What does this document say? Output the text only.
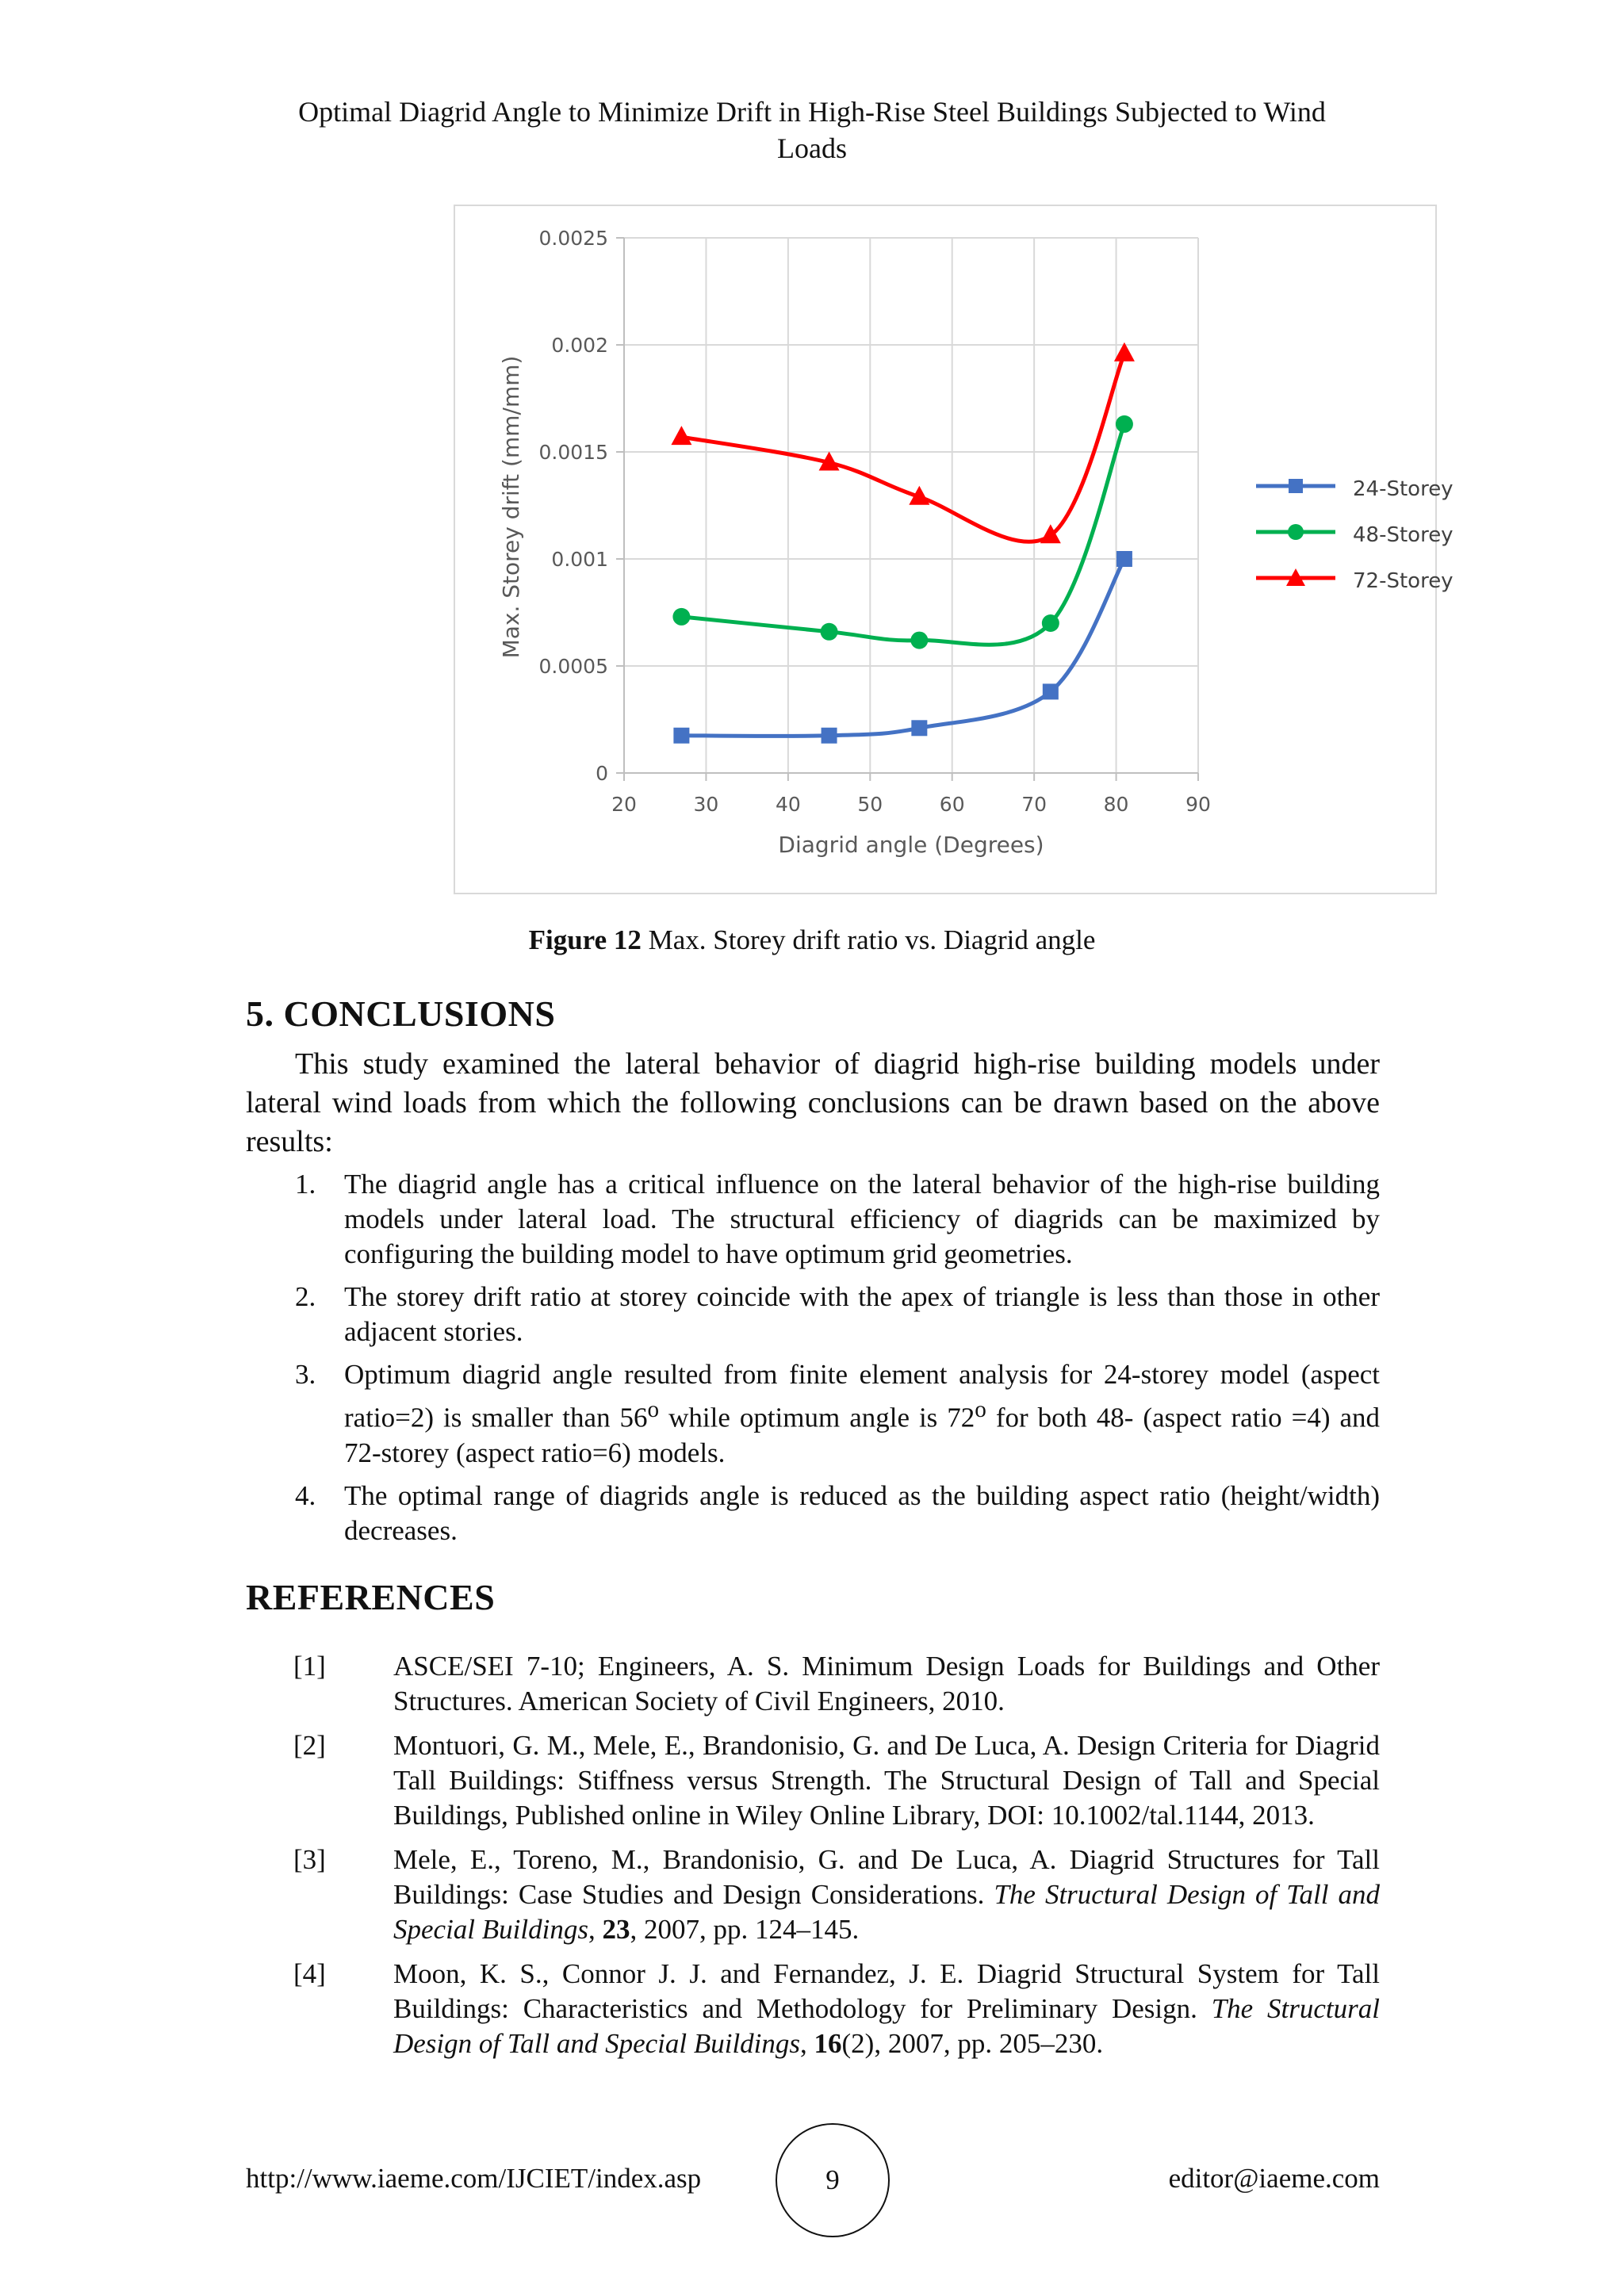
Optimal Diagrid Angle to Minimize Drift in High-Rise Steel Buildings Subjected to Wind
Loads
0
0.0005
0.001
0.0015
0.002
0.0025
20	30	40	50	60	70	80	90
Diagrid angle (Degrees)
Max. Storey drift (mm/mm)	24-Storey
48-Storey
72-Storey
Figure 12 Max. Storey drift ratio vs. Diagrid angle
5. CONCLUSIONS

This study examined the lateral behavior of diagrid high-rise building models under lateral wind loads from which the following conclusions can be drawn based on the above results:

1. The diagrid angle has a critical influence on the lateral behavior of the high-rise building models under lateral load. The structural efficiency of diagrids can be maximized by configuring the building model to have optimum grid geometries.
2. The storey drift ratio at storey coincide with the apex of triangle is less than those in other adjacent stories.
3. Optimum diagrid angle resulted from finite element analysis for 24-storey model (aspect ratio=2) is smaller than 56$^o$ while optimum angle is 72$^o$ for both 48- (aspect ratio =4) and 72-storey (aspect ratio=6) models.
4. The optimal range of diagrids angle is reduced as the building aspect ratio (height/width) decreases.
REFERENCES
[1] ASCE/SEI 7-10; Engineers, A. S. Minimum Design Loads for Buildings and Other Structures. American Society of Civil Engineers, 2010.
[2] Montuori, G. M., Mele, E., Brandonisio, G. and De Luca, A. Design Criteria for Diagrid Tall Buildings: Stiffness versus Strength. The Structural Design of Tall and Special Buildings, Published online in Wiley Online Library, DOI: 10.1002/tal.1144, 2013.
[3] Mele, E., Toreno, M., Brandonisio, G. and De Luca, A. Diagrid Structures for Tall Buildings: Case Studies and Design Considerations. The Structural Design of Tall and Special Buildings, 23, 2007, pp. 124–145.
[4] Moon, K. S., Connor J. J. and Fernandez, J. E. Diagrid Structural System for Tall Buildings: Characteristics and Methodology for Preliminary Design. The Structural Design of Tall and Special Buildings, 16(2), 2007, pp. 205–230.
http://www.iaeme.com/IJCIET/index.asp	9	editor@iaeme.com
